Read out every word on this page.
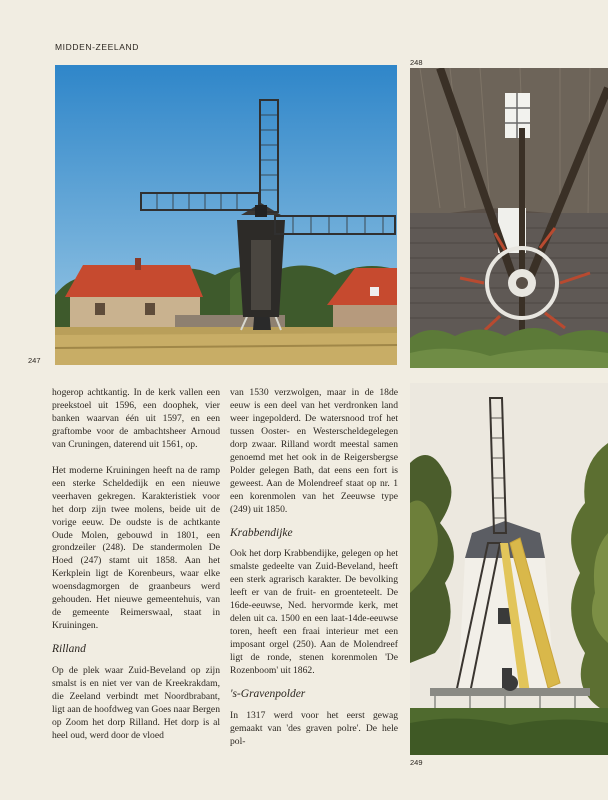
MIDDEN-ZEELAND
247
248
249

hogerop achtkantig. In de kerk vallen een preekstoel uit 1596, een doophek, vier banken waarvan één uit 1597, en een graftombe voor de ambachtsheer Arnoud van Cruningen, daterend uit 1561, op.

Het moderne Kruiningen heeft na de ramp een sterke Scheldedijk en een nieuwe veerhaven gekregen. Karakteristiek voor het dorp zijn twee molens, beide uit de vorige eeuw. De oudste is de achtkante Oude Molen, gebouwd in 1801, een grondzeiler (248). De standermolen De Hoed (247) stamt uit 1858. Aan het Kerkplein ligt de Korenbeurs, waar elke woensdagmorgen de graanbeurs werd gehouden. Het nieuwe gemeentehuis, van de gemeente Reimerswaal, staat in Kruiningen.

Rilland

Op de plek waar Zuid-Beveland op zijn smalst is en niet ver van de Kreekrakdam, die Zeeland verbindt met Noordbrabant, ligt aan de hoofdweg van Goes naar Bergen op Zoom het dorp Rilland. Het dorp is al heel oud, werd door de vloed

van 1530 verzwolgen, maar in de 18de eeuw is een deel van het verdronken land weer ingepolderd. De watersnood trof het tussen Ooster- en Westerscheldegelegen dorp zwaar. Rilland wordt meestal samen genoemd met het ook in de Reigersbergse Polder gelegen Bath, dat eens een fort is geweest. Aan de Molendreef staat op nr. 1 een korenmolen van het Zeeuwse type (249) uit 1850.

Krabbendijke

Ook het dorp Krabbendijke, gelegen op het smalste gedeelte van Zuid-Beveland, heeft een sterk agrarisch karakter. De bevolking leeft er van de fruit- en groenteteelt. De 16de-eeuwse, Ned. hervormde kerk, met delen uit ca. 1500 en een laat-14de-eeuwse toren, heeft een fraai interieur met een imposant orgel (250). Aan de Molendreef ligt de ronde, stenen korenmolen 'De Rozenboom' uit 1862.

's-Gravenpolder

In 1317 werd voor het eerst gewag gemaakt van 'des graven polre'. De hele pol-
